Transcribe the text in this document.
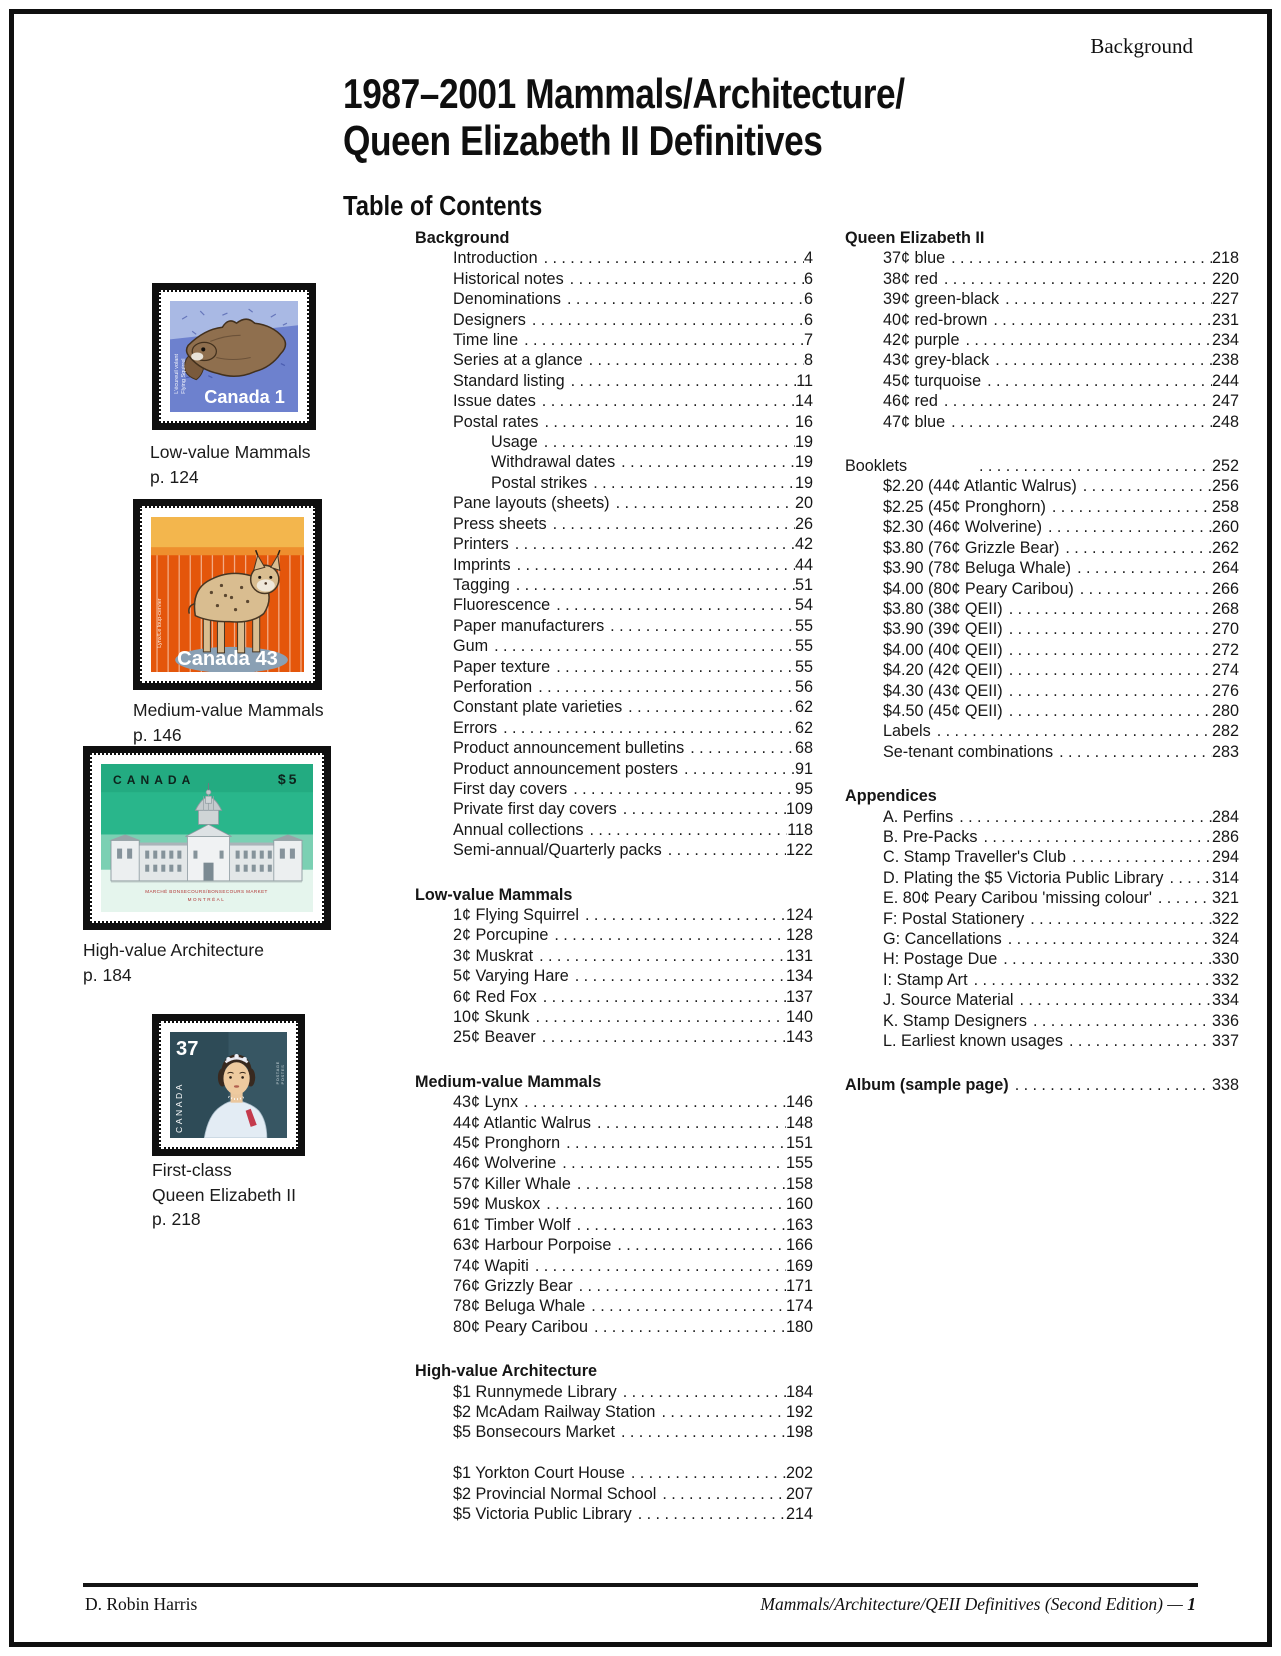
Background
1987–2001 Mammals/Architecture/
Queen Elizabeth II Definitives
Table of Contents
Canada 1
L'écureuil volant Flying Squirrel
Low-value Mammals
p. 124
Canada 43
Lynx/Le loup-cervier
Medium-value Mammals
p. 146
CANADA	$5
MARCHÉ BONSECOURS/BONSECOURS MARKET
MONTRÉAL
High-value Architecture
p. 184
37
CANADA
POSTAGE POSTES
First-class
Queen Elizabeth II
p. 218
Background
Introduction .....	4
Historical notes .....	6
Denominations .....	6
Designers .....	6
Time line .....	7
Series at a glance .....	8
Standard listing .....	11
Issue dates .....	14
Postal rates .....	16
Usage .....	19
Withdrawal dates .....	19
Postal strikes .....	19
Pane layouts (sheets) .....	20
Press sheets .....	26
Printers .....	42
Imprints .....	44
Tagging .....	51
Fluorescence .....	54
Paper manufacturers .....	55
Gum .....	55
Paper texture .....	55
Perforation .....	56
Constant plate varieties .....	62
Errors .....	62
Product announcement bulletins .....	68
Product announcement posters .....	91
First day covers .....	95
Private first day covers .....	109
Annual collections .....	118
Semi-annual/Quarterly packs .....	122
Low-value Mammals
1¢ Flying Squirrel .....	124
2¢ Porcupine .....	128
3¢ Muskrat .....	131
5¢ Varying Hare .....	134
6¢ Red Fox .....	137
10¢ Skunk .....	140
25¢ Beaver .....	143
Medium-value Mammals
43¢ Lynx .....	146
44¢ Atlantic Walrus .....	148
45¢ Pronghorn .....	151
46¢ Wolverine .....	155
57¢ Killer Whale .....	158
59¢ Muskox .....	160
61¢ Timber Wolf .....	163
63¢ Harbour Porpoise .....	166
74¢ Wapiti .....	169
76¢ Grizzly Bear .....	171
78¢ Beluga Whale .....	174
80¢ Peary Caribou .....	180
High-value Architecture
$1 Runnymede Library .....	184
$2 McAdam Railway Station .....	192
$5 Bonsecours Market .....	198
$1 Yorkton Court House .....	202
$2 Provincial Normal School .....	207
$5 Victoria Public Library .....	214
Queen Elizabeth II
37¢ blue .....	218
38¢ red .....	220
39¢ green-black .....	227
40¢ red-brown .....	231
42¢ purple .....	234
43¢ grey-black .....	238
45¢ turquoise .....	244
46¢ red .....	247
47¢ blue .....	248
Booklets .....	252
$2.20 (44¢ Atlantic Walrus) .....	256
$2.25 (45¢ Pronghorn) .....	258
$2.30 (46¢ Wolverine) .....	260
$3.80 (76¢ Grizzle Bear) .....	262
$3.90 (78¢ Beluga Whale) .....	264
$4.00 (80¢ Peary Caribou) .....	266
$3.80 (38¢ QEII) .....	268
$3.90 (39¢ QEII) .....	270
$4.00 (40¢ QEII) .....	272
$4.20 (42¢ QEII) .....	274
$4.30 (43¢ QEII) .....	276
$4.50 (45¢ QEII) .....	280
Labels .....	282
Se-tenant combinations .....	283
Appendices
A. Perfins .....	284
B. Pre-Packs .....	286
C. Stamp Traveller's Club .....	294
D. Plating the $5 Victoria Public Library .....	314
E. 80¢ Peary Caribou 'missing colour' .....	321
F: Postal Stationery .....	322
G: Cancellations .....	324
H: Postage Due .....	330
I: Stamp Art .....	332
J. Source Material .....	334
K. Stamp Designers .....	336
L. Earliest known usages .....	337
Album (sample page) .....	338
D. Robin Harris	Mammals/Architecture/QEII Definitives (Second Edition) — 1
